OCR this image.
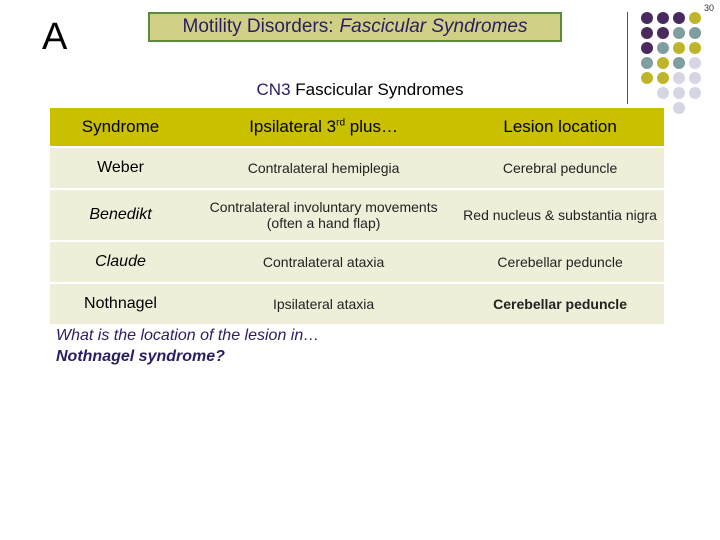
30
A	Motility Disorders: Fascicular Syndromes
CN3 Fascicular Syndromes
Syndrome	Ipsilateral 3rd plus…	Lesion location
Weber	Contralateral hemiplegia	Cerebral peduncle
Benedikt	Contralateral involuntary movements (often a hand flap)	Red nucleus & substantia nigra
Claude	Contralateral ataxia	Cerebellar peduncle
Nothnagel	Ipsilateral ataxia	Cerebellar peduncle
What is the location of the lesion in…
Nothnagel syndrome?
